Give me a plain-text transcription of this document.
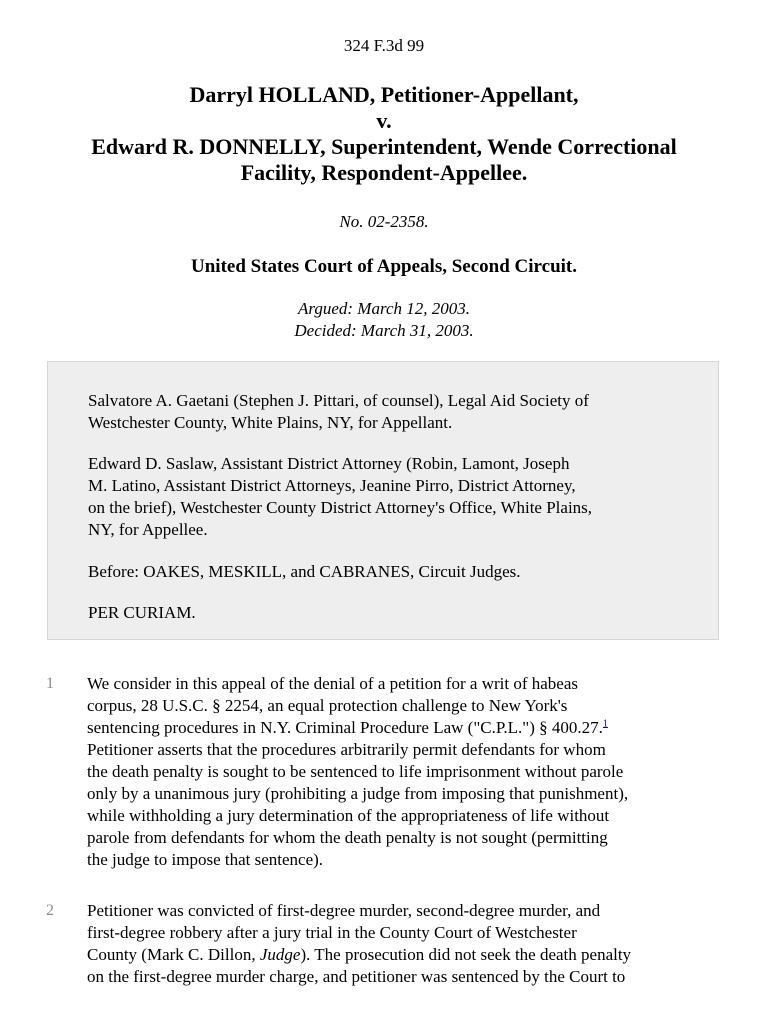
324 F.3d 99
Darryl HOLLAND, Petitioner-Appellant,
v.
Edward R. DONNELLY, Superintendent, Wende Correctional
Facility, Respondent-Appellee.
No. 02-2358.
United States Court of Appeals, Second Circuit.
Argued: March 12, 2003.
Decided: March 31, 2003.

Salvatore A. Gaetani (Stephen J. Pittari, of counsel), Legal Aid Society of
Westchester County, White Plains, NY, for Appellant.

Edward D. Saslaw, Assistant District Attorney (Robin, Lamont, Joseph
M. Latino, Assistant District Attorneys, Jeanine Pirro, District Attorney,
on the brief), Westchester County District Attorney's Office, White Plains,
NY, for Appellee.

Before: OAKES, MESKILL, and CABRANES, Circuit Judges.

PER CURIAM.

1 We consider in this appeal of the denial of a petition for a writ of habeas
corpus, 28 U.S.C. § 2254, an equal protection challenge to New York's
sentencing procedures in N.Y. Criminal Procedure Law ("C.P.L.") § 400.27.$^1$
Petitioner asserts that the procedures arbitrarily permit defendants for whom
the death penalty is sought to be sentenced to life imprisonment without parole
only by a unanimous jury (prohibiting a judge from imposing that punishment),
while withholding a jury determination of the appropriateness of life without
parole from defendants for whom the death penalty is not sought (permitting
the judge to impose that sentence).
2 Petitioner was convicted of first-degree murder, second-degree murder, and
first-degree robbery after a jury trial in the County Court of Westchester
County (Mark C. Dillon, Judge). The prosecution did not seek the death penalty
on the first-degree murder charge, and petitioner was sentenced by the Court to
